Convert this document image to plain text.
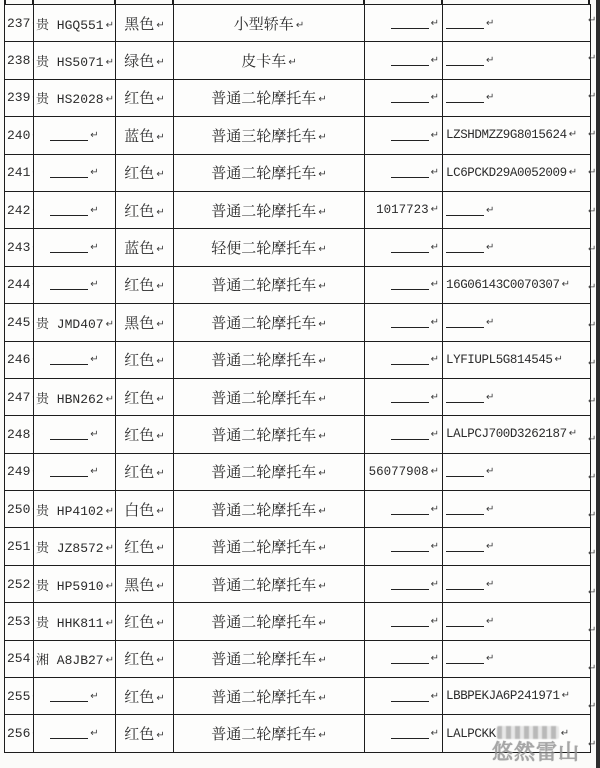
237	贵 HGQ551 ↵	黑色 ↵	小型轿车 ↵	↵	↵
238	贵 HS5071 ↵	绿色 ↵	皮卡车 ↵	↵	↵
239	贵 HS2028 ↵	红色 ↵	普通二轮摩托车 ↵	↵	↵
240	↵	蓝色 ↵	普通三轮摩托车 ↵	↵	LZSHDMZZ9G8015624 ↵
241	↵	红色 ↵	普通二轮摩托车 ↵	↵	LC6PCKD29A0052009 ↵
242	↵	红色 ↵	普通二轮摩托车 ↵	1017723 ↵	↵
243	↵	蓝色 ↵	轻便二轮摩托车 ↵	↵	↵
244	↵	红色 ↵	普通二轮摩托车 ↵	↵	16G06143C0070307 ↵
245	贵 JMD407 ↵	黑色 ↵	普通二轮摩托车 ↵	↵	↵
246	↵	红色 ↵	普通二轮摩托车 ↵	↵	LYFIUPL5G814545 ↵
247	贵 HBN262 ↵	红色 ↵	普通二轮摩托车 ↵	↵	↵
248	↵	红色 ↵	普通二轮摩托车 ↵	↵	LALPCJ700D3262187 ↵
249	↵	红色 ↵	普通二轮摩托车 ↵	56077908 ↵	↵
250	贵 HP4102 ↵	白色 ↵	普通二轮摩托车 ↵	↵	↵
251	贵 JZ8572 ↵	红色 ↵	普通二轮摩托车 ↵	↵	↵
252	贵 HP5910 ↵	黑色 ↵	普通二轮摩托车 ↵	↵	↵
253	贵 HHK811 ↵	红色 ↵	普通二轮摩托车 ↵	↵	↵
254	湘 A8JB27 ↵	红色 ↵	普通二轮摩托车 ↵	↵	↵
255	↵	红色 ↵	普通二轮摩托车 ↵	↵	LBBPEKJA6P241971 ↵
256	↵	红色 ↵	普通二轮摩托车 ↵	↵	LALPCKK ↵
悠然雷山
↵
↵
↵
↵
↵
↵
↵
↵
↵
↵
↵
↵
↵
↵
↵
↵
↵
↵
↵
↵
